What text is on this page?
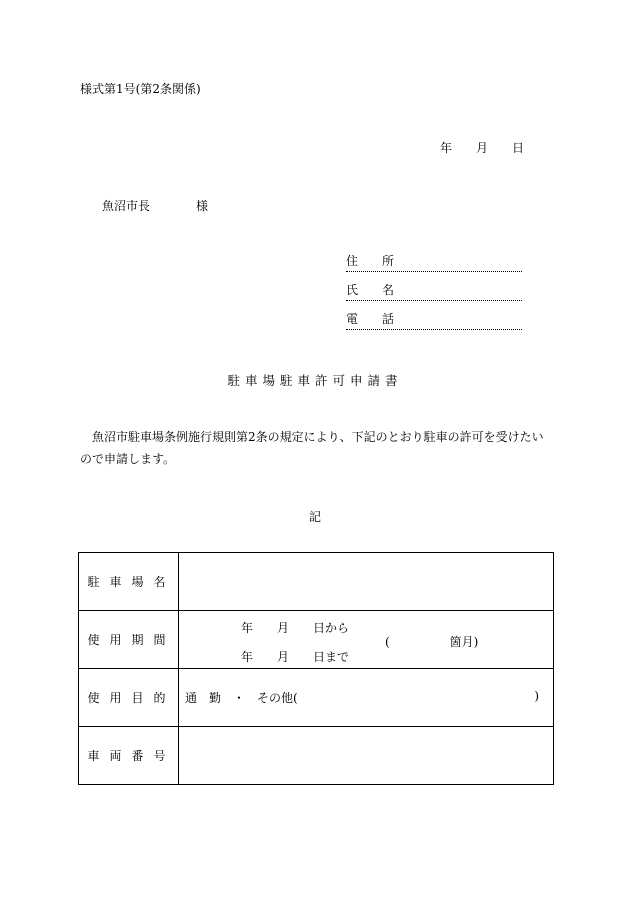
様式第1号(第2条関係)
年　　月　　日
魚沼市長	様
住　所
氏　名
電　話
駐車場駐車許可申請書
魚沼市駐車場条例施行規則第2条の規定により、下記のとおり駐車の許可を受けたいので申請します。
記
駐車場名	
使用期間	年　　月　　日から
年　　月　　日まで
(　　　　　箇月)

使用目的	通　勤　・　その他( )

車両番号	
